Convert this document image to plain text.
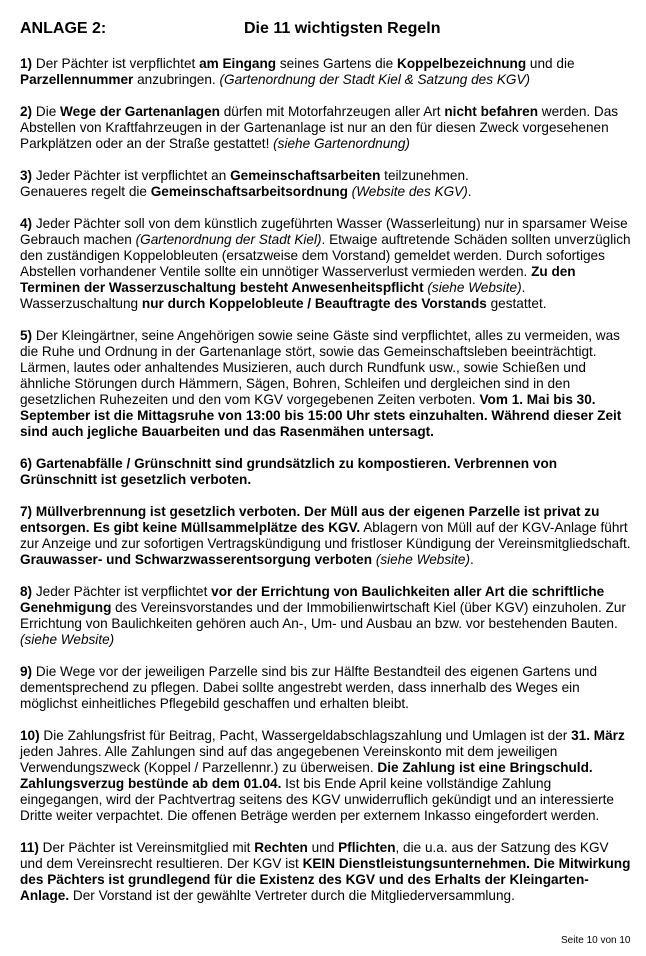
ANLAGE 2:	Die 11 wichtigsten Regeln

1) Der Pächter ist verpflichtet am Eingang seines Gartens die Koppelbezeichnung und die Parzellennummer anzubringen. (Gartenordnung der Stadt Kiel & Satzung des KGV)

2) Die Wege der Gartenanlagen dürfen mit Motorfahrzeugen aller Art nicht befahren werden. Das Abstellen von Kraftfahrzeugen in der Gartenanlage ist nur an den für diesen Zweck vorgesehenen Parkplätzen oder an der Straße gestattet! (siehe Gartenordnung)

3) Jeder Pächter ist verpflichtet an Gemeinschaftsarbeiten teilzunehmen.
Genaueres regelt die Gemeinschaftsarbeitsordnung (Website des KGV).

4) Jeder Pächter soll von dem künstlich zugeführten Wasser (Wasserleitung) nur in sparsamer Weise Gebrauch machen (Gartenordnung der Stadt Kiel). Etwaige auftretende Schäden sollten unverzüglich den zuständigen Koppelobleuten (ersatzweise dem Vorstand) gemeldet werden. Durch sofortiges Abstellen vorhandener Ventile sollte ein unnötiger Wasserverlust vermieden werden. Zu den Terminen der Wasserzuschaltung besteht Anwesenheitspflicht (siehe Website). Wasserzuschaltung nur durch Koppelobleute / Beauftragte des Vorstands gestattet.

5) Der Kleingärtner, seine Angehörigen sowie seine Gäste sind verpflichtet, alles zu vermeiden, was die Ruhe und Ordnung in der Gartenanlage stört, sowie das Gemeinschaftsleben beeinträchtigt. Lärmen, lautes oder anhaltendes Musizieren, auch durch Rundfunk usw., sowie Schießen und ähnliche Störungen durch Hämmern, Sägen, Bohren, Schleifen und dergleichen sind in den gesetzlichen Ruhezeiten und den vom KGV vorgegebenen Zeiten verboten. Vom 1. Mai bis 30. September ist die Mittagsruhe von 13:00 bis 15:00 Uhr stets einzuhalten. Während dieser Zeit sind auch jegliche Bauarbeiten und das Rasenmähen untersagt.

6) Gartenabfälle / Grünschnitt sind grundsätzlich zu kompostieren. Verbrennen von Grünschnitt ist gesetzlich verboten.

7) Müllverbrennung ist gesetzlich verboten. Der Müll aus der eigenen Parzelle ist privat zu entsorgen. Es gibt keine Müllsammelplätze des KGV. Ablagern von Müll auf der KGV-Anlage führt zur Anzeige und zur sofortigen Vertragskündigung und fristloser Kündigung der Vereinsmitgliedschaft. Grauwasser- und Schwarzwasserentsorgung verboten (siehe Website).

8) Jeder Pächter ist verpflichtet vor der Errichtung von Baulichkeiten aller Art die schriftliche Genehmigung des Vereinsvorstandes und der Immobilienwirtschaft Kiel (über KGV) einzuholen. Zur Errichtung von Baulichkeiten gehören auch An-, Um- und Ausbau an bzw. vor bestehenden Bauten. (siehe Website)

9) Die Wege vor der jeweiligen Parzelle sind bis zur Hälfte Bestandteil des eigenen Gartens und dementsprechend zu pflegen. Dabei sollte angestrebt werden, dass innerhalb des Weges ein möglichst einheitliches Pflegebild geschaffen und erhalten bleibt.

10) Die Zahlungsfrist für Beitrag, Pacht, Wassergeldabschlagszahlung und Umlagen ist der 31. März jeden Jahres. Alle Zahlungen sind auf das angegebenen Vereinskonto mit dem jeweiligen Verwendungszweck (Koppel / Parzellennr.) zu überweisen. Die Zahlung ist eine Bringschuld. Zahlungsverzug bestünde ab dem 01.04. Ist bis Ende April keine vollständige Zahlung eingegangen, wird der Pachtvertrag seitens des KGV unwiderruflich gekündigt und an interessierte Dritte weiter verpachtet. Die offenen Beträge werden per externem Inkasso eingefordert werden.

11) Der Pächter ist Vereinsmitglied mit Rechten und Pflichten, die u.a. aus der Satzung des KGV und dem Vereinsrecht resultieren. Der KGV ist KEIN Dienstleistungsunternehmen. Die Mitwirkung des Pächters ist grundlegend für die Existenz des KGV und des Erhalts der Kleingarten-Anlage. Der Vorstand ist der gewählte Vertreter durch die Mitgliederversammlung.

Seite 10 von 10
